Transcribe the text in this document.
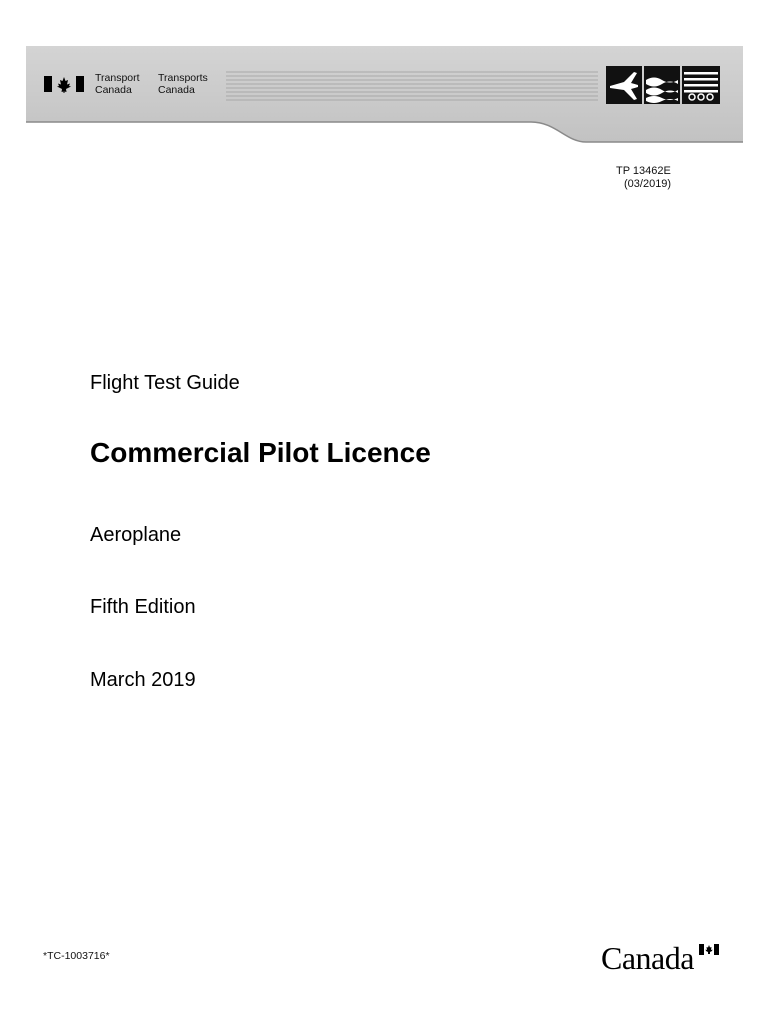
Transport
Canada
Transports
Canada
TP 13462E
(03/2019)
Flight Test Guide
Commercial Pilot Licence
Aeroplane
Fifth Edition
March 2019
*TC-1003716*	Canada
